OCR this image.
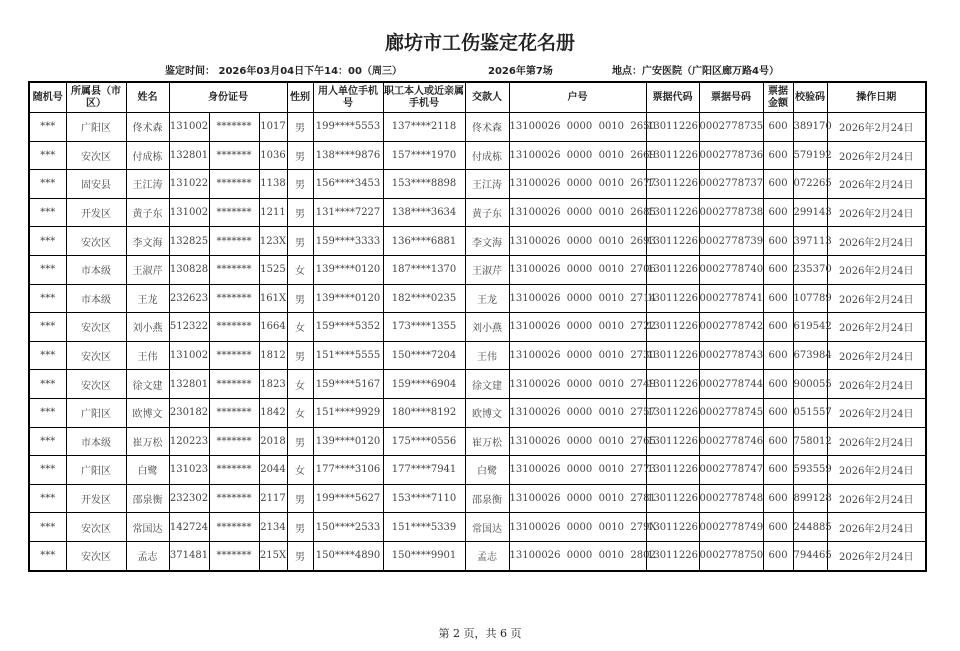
廊坊市工伤鉴定花名册
鉴定时间： 2026年03月04日下午14：00（周三）	2026年第7场	地点：广安医院（广阳区廊万路4号）
随机号	所属县（市区）	姓名	身份证号			性别	用人单位手机号	职工本人或近亲属手机号	交款人	户号	票据代码	票据号码	票据金额	校验码	操作日期
***	广阳区	佟术森	131002	*******	1017	男	199****5553	137****2118	佟术森	13100026  0000  0010  2650	13011226	0002778735	600	389170	2026年2月24日
***	安次区	付成栋	132801	*******	1036	男	138****9876	157****1970	付成栋	13100026  0000  0010  2669	13011226	0002778736	600	579192	2026年2月24日
***	固安县	王江涛	131022	*******	1138	男	156****3453	153****8898	王江涛	13100026  0000  0010  2677	13011226	0002778737	600	072265	2026年2月24日
***	开发区	黄子东	131002	*******	1211	男	131****7227	138****3634	黄子东	13100026  0000  0010  2685	13011226	0002778738	600	299143	2026年2月24日
***	安次区	李文海	132825	*******	123X	男	159****3333	136****6881	李文海	13100026  0000  0010  2693	13011226	0002778739	600	397113	2026年2月24日
***	市本级	王淑芹	130828	*******	1525	女	139****0120	187****1370	王淑芹	13100026  0000  0010  2706	13011226	0002778740	600	235370	2026年2月24日
***	市本级	王龙	232623	*******	161X	男	139****0120	182****0235	王龙	13100026  0000  0010  2714	13011226	0002778741	600	107789	2026年2月24日
***	安次区	刘小燕	512322	*******	1664	女	159****5352	173****1355	刘小燕	13100026  0000  0010  2722	13011226	0002778742	600	619542	2026年2月24日
***	安次区	王伟	131002	*******	1812	男	151****5555	150****7204	王伟	13100026  0000  0010  2730	13011226	0002778743	600	673984	2026年2月24日
***	安次区	徐文建	132801	*******	1823	女	159****5167	159****6904	徐文建	13100026  0000  0010  2749	13011226	0002778744	600	900055	2026年2月24日
***	广阳区	欧博文	230182	*******	1842	女	151****9929	180****8192	欧博文	13100026  0000  0010  2757	13011226	0002778745	600	051557	2026年2月24日
***	市本级	崔万松	120223	*******	2018	男	139****0120	175****0556	崔万松	13100026  0000  0010  2765	13011226	0002778746	600	758012	2026年2月24日
***	广阳区	白鹭	131023	*******	2044	女	177****3106	177****7941	白鹭	13100026  0000  0010  2773	13011226	0002778747	600	593559	2026年2月24日
***	开发区	邵泉衡	232302	*******	2117	男	199****5627	153****7110	邵泉衡	13100026  0000  0010  2781	13011226	0002778748	600	899128	2026年2月24日
***	安次区	常国达	142724	*******	2134	男	150****2533	151****5339	常国达	13100026  0000  0010  279X	13011226	0002778749	600	244885	2026年2月24日
***	安次区	孟志	371481	*******	215X	男	150****4890	150****9901	孟志	13100026  0000  0010  2802	13011226	0002778750	600	794465	2026年2月24日
第 2 页，共 6 页
